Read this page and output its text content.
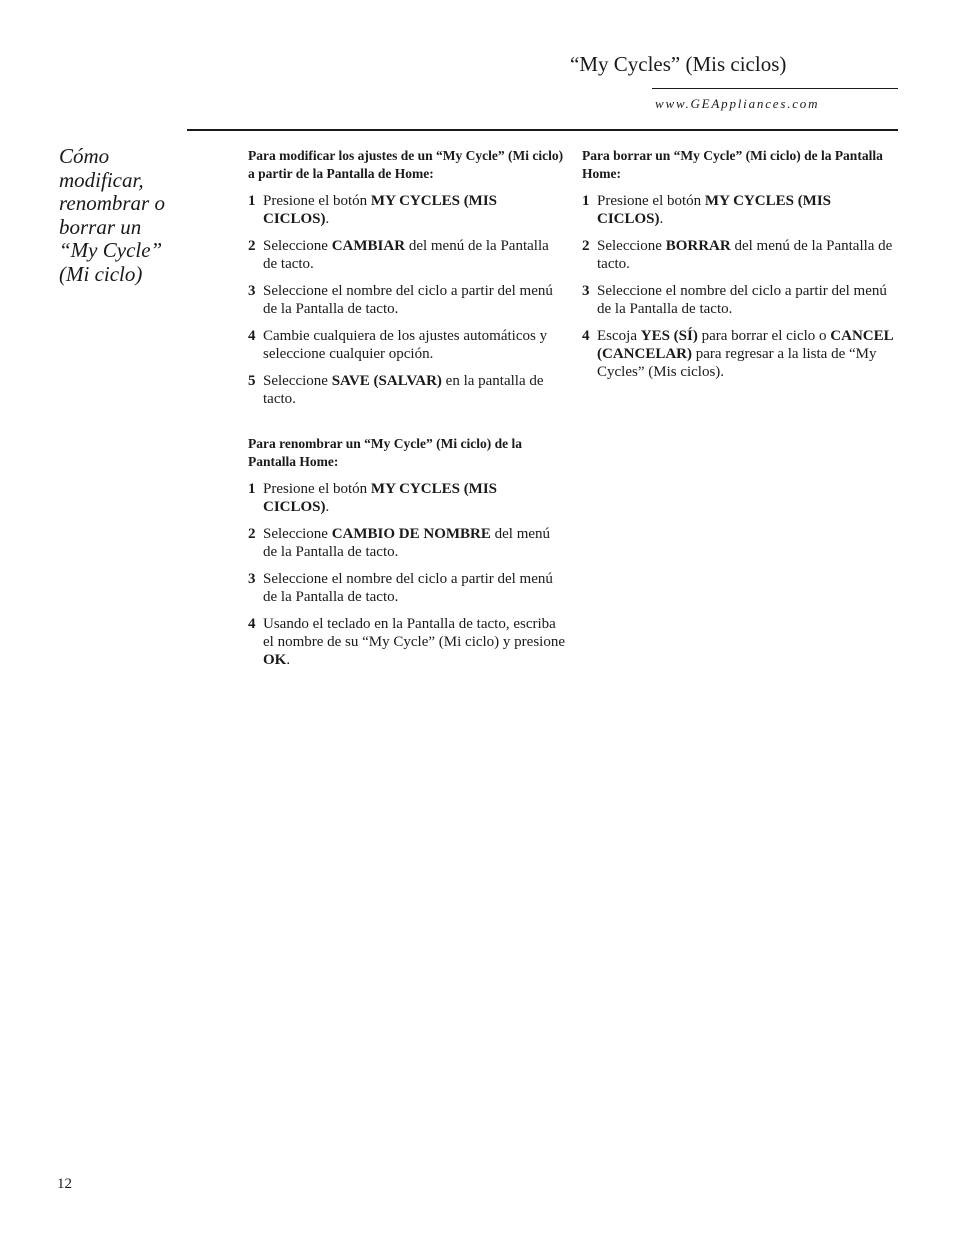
“My Cycles” (Mis ciclos)
www.GEAppliances.com
Cómo modificar, renombrar o borrar un “My Cycle” (Mi ciclo)

Para modificar los ajustes de un “My Cycle” (Mi ciclo) a partir de la Pantalla de Home:

1 Presione el botón MY CYCLES (MIS CICLOS).
2 Seleccione CAMBIAR del menú de la Pantalla de tacto.
3 Seleccione el nombre del ciclo a partir del menú de la Pantalla de tacto.
4 Cambie cualquiera de los ajustes automáticos y seleccione cualquier opción.
5 Seleccione SAVE (SALVAR) en la pantalla de tacto.

Para renombrar un “My Cycle” (Mi ciclo) de la Pantalla Home:

1 Presione el botón MY CYCLES (MIS CICLOS).
2 Seleccione CAMBIO DE NOMBRE del menú de la Pantalla de tacto.
3 Seleccione el nombre del ciclo a partir del menú de la Pantalla de tacto.
4 Usando el teclado en la Pantalla de tacto, escriba el nombre de su “My Cycle” (Mi ciclo) y presione OK.

Para borrar un “My Cycle” (Mi ciclo) de la Pantalla Home:

1 Presione el botón MY CYCLES (MIS CICLOS).
2 Seleccione BORRAR del menú de la Pantalla de tacto.
3 Seleccione el nombre del ciclo a partir del menú de la Pantalla de tacto.
4 Escoja YES (SÍ) para borrar el ciclo o CANCEL (CANCELAR) para regresar a la lista de “My Cycles” (Mis ciclos).
12
